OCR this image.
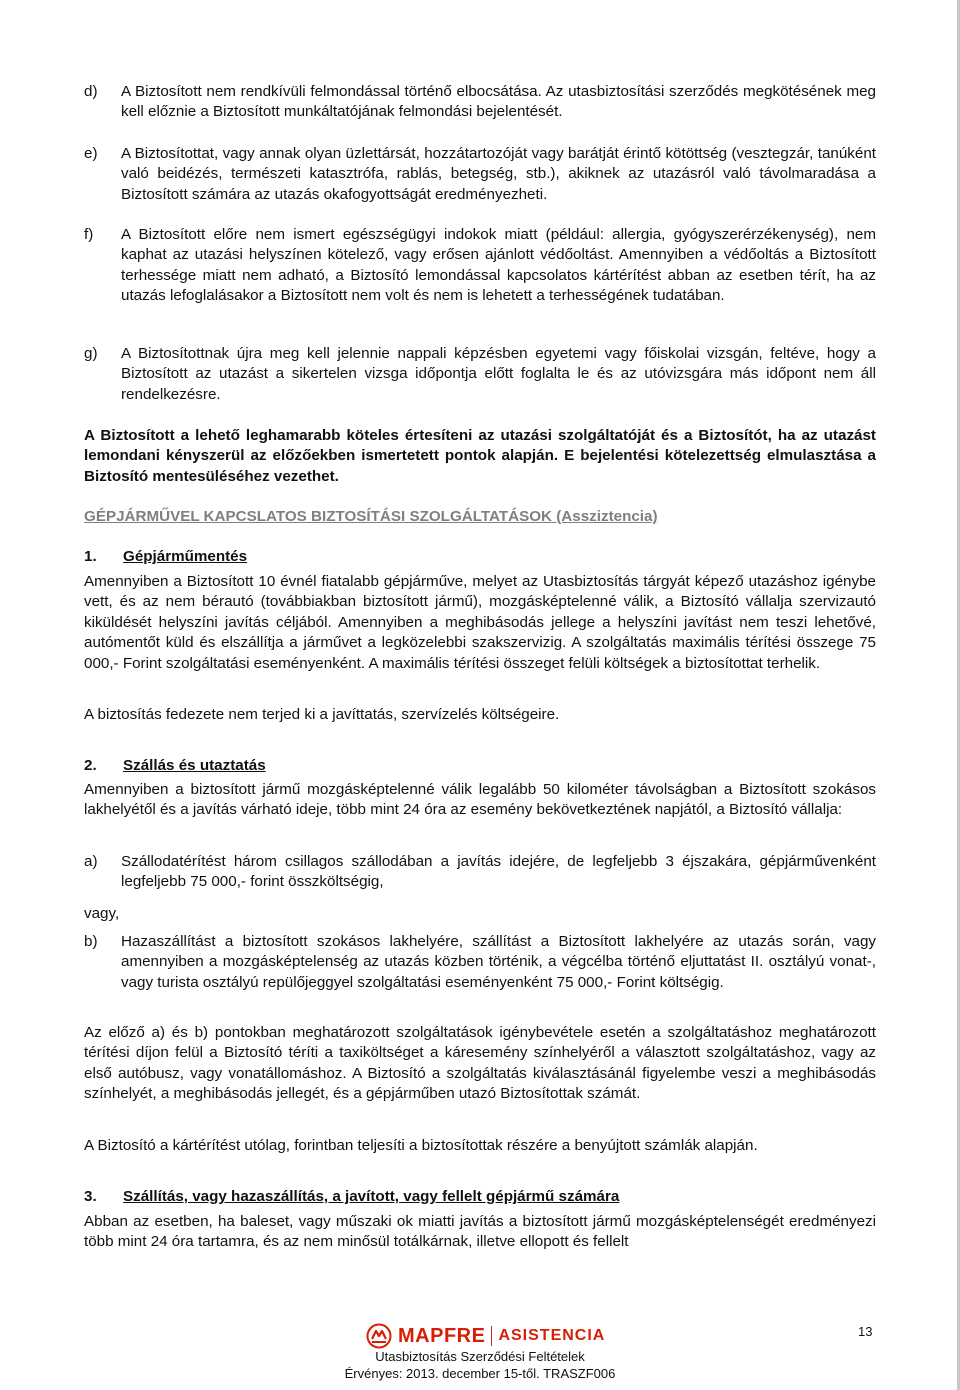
d) A Biztosított nem rendkívüli felmondással történő elbocsátása. Az utasbiztosítási szerződés megkötésének meg kell előznie a Biztosított munkáltatójának felmondási bejelentését.
e) A Biztosítottat, vagy annak olyan üzlettársát, hozzátartozóját vagy barátját érintő kötöttség (vesztegzár, tanúként való beidézés, természeti katasztrófa, rablás, betegség, stb.), akiknek az utazásról való távolmaradása a Biztosított számára az utazás okafogyottságát eredményezheti.
f) A Biztosított előre nem ismert egészségügyi indokok miatt (például: allergia, gyógyszerérzékenység), nem kaphat az utazási helyszínen kötelező, vagy erősen ajánlott védőoltást. Amennyiben a védőoltás a Biztosított terhessége miatt nem adható, a Biztosító lemondással kapcsolatos kártérítést abban az esetben térít, ha az utazás lefoglalásakor a Biztosított nem volt és nem is lehetett a terhességének tudatában.
g) A Biztosítottnak újra meg kell jelennie nappali képzésben egyetemi vagy főiskolai vizsgán, feltéve, hogy a Biztosított az utazást a sikertelen vizsga időpontja előtt foglalta le és az utóvizsgára más időpont nem áll rendelkezésre.
A Biztosított a lehető leghamarabb köteles értesíteni az utazási szolgáltatóját és a Biztosítót, ha az utazást lemondani kényszerül az előzőekben ismertetett pontok alapján. E bejelentési kötelezettség elmulasztása a Biztosító mentesüléséhez vezethet.
GÉPJÁRMŰVEL KAPCSLATOS BIZTOSÍTÁSI SZOLGÁLTATÁSOK (Assziztencia)
1. Gépjárműmentés
Amennyiben a Biztosított 10 évnél fiatalabb gépjárműve, melyet az Utasbiztosítás tárgyát képező utazáshoz igénybe vett, és az nem bérautó (továbbiakban biztosított jármű), mozgásképtelenné válik, a Biztosító vállalja szervizautó kiküldését helyszíni javítás céljából. Amennyiben a meghibásodás jellege a helyszíni javítást nem teszi lehetővé, autómentőt küld és elszállítja a járművet a legközelebbi szakszervizig. A szolgáltatás maximális térítési összege 75 000,- Forint szolgáltatási eseményenként. A maximális térítési összeget felüli költségek a biztosítottat terhelik.
A biztosítás fedezete nem terjed ki a javíttatás, szervízelés költségeire.
2. Szállás és utaztatás
Amennyiben a biztosított jármű mozgásképtelenné válik legalább 50 kilométer távolságban a Biztosított szokásos lakhelyétől és a javítás várható ideje, több mint 24 óra az esemény bekövetkeztének napjától, a Biztosító vállalja:
a) Szállodatérítést három csillagos szállodában a javítás idejére, de legfeljebb 3 éjszakára, gépjárművenként legfeljebb 75 000,- forint összköltségig,
vagy,
b) Hazaszállítást a biztosított szokásos lakhelyére, szállítást a Biztosított lakhelyére az utazás során, vagy amennyiben a mozgásképtelenség az utazás közben történik, a végcélba történő eljuttatást II. osztályú vonat-, vagy turista osztályú repülőjeggyel szolgáltatási eseményenként 75 000,- Forint költségig.
Az előző a) és b) pontokban meghatározott szolgáltatások igénybevétele esetén a szolgáltatáshoz meghatározott térítési díjon felül a Biztosító téríti a taxiköltséget a káresemény színhelyéről a választott szolgáltatáshoz, vagy az első autóbusz, vagy vonatállomáshoz. A Biztosító a szolgáltatás kiválasztásánál figyelembe veszi a meghibásodás színhelyét, a meghibásodás jellegét, és a gépjárműben utazó Biztosítottak számát.
A Biztosító a kártérítést utólag, forintban teljesíti a biztosítottak részére a benyújtott számlák alapján.
3. Szállítás, vagy hazaszállítás, a javított, vagy fellelt gépjármű számára
Abban az esetben, ha baleset, vagy műszaki ok miatti javítás a biztosított jármű mozgásképtelenségét eredményezi több mint 24 óra tartamra, és az nem minősül totálkárnak, illetve ellopott és fellelt
13
MAPFRE ASISTENCIA
Utasbiztosítás Szerződési Feltételek
Érvényes: 2013. december 15-től. TRASZF006
